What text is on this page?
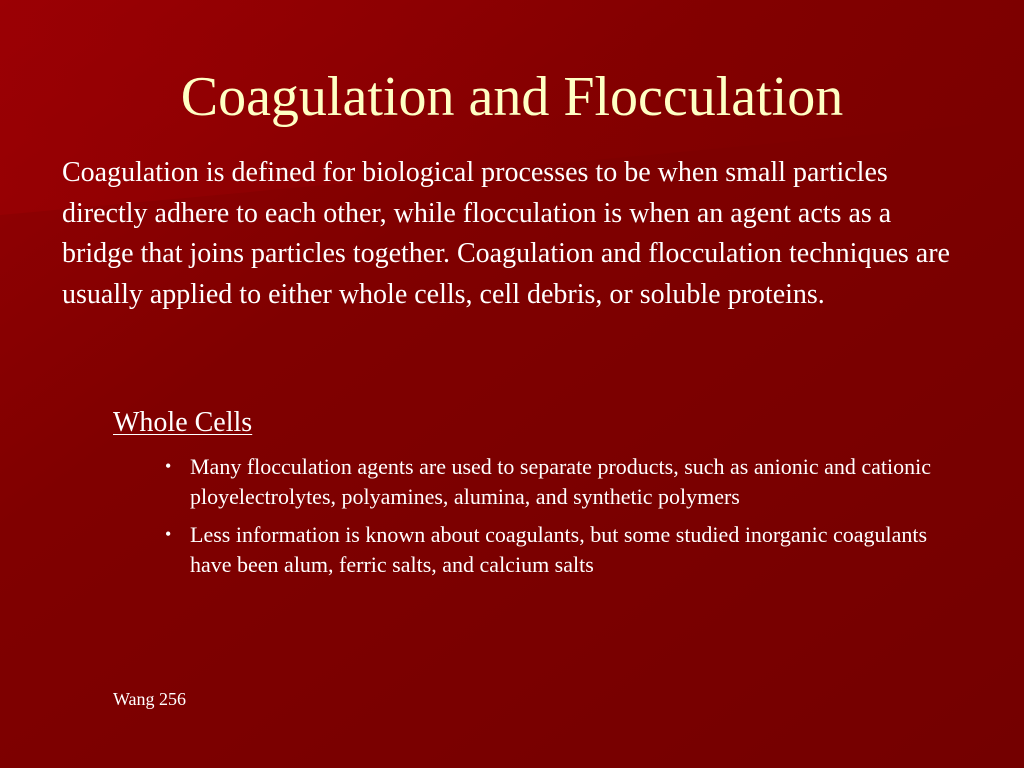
Coagulation and Flocculation

Coagulation is defined for biological processes to be when small particles directly adhere to each other, while flocculation is when an agent acts as a bridge that joins particles together. Coagulation and flocculation techniques are usually applied to either whole cells, cell debris, or soluble proteins.

Whole Cells

• Many flocculation agents are used to separate products, such as anionic and cationic ployelectrolytes, polyamines, alumina, and synthetic polymers
• Less information is known about coagulants, but some studied inorganic coagulants have been alum, ferric salts, and calcium salts

Wang 256
